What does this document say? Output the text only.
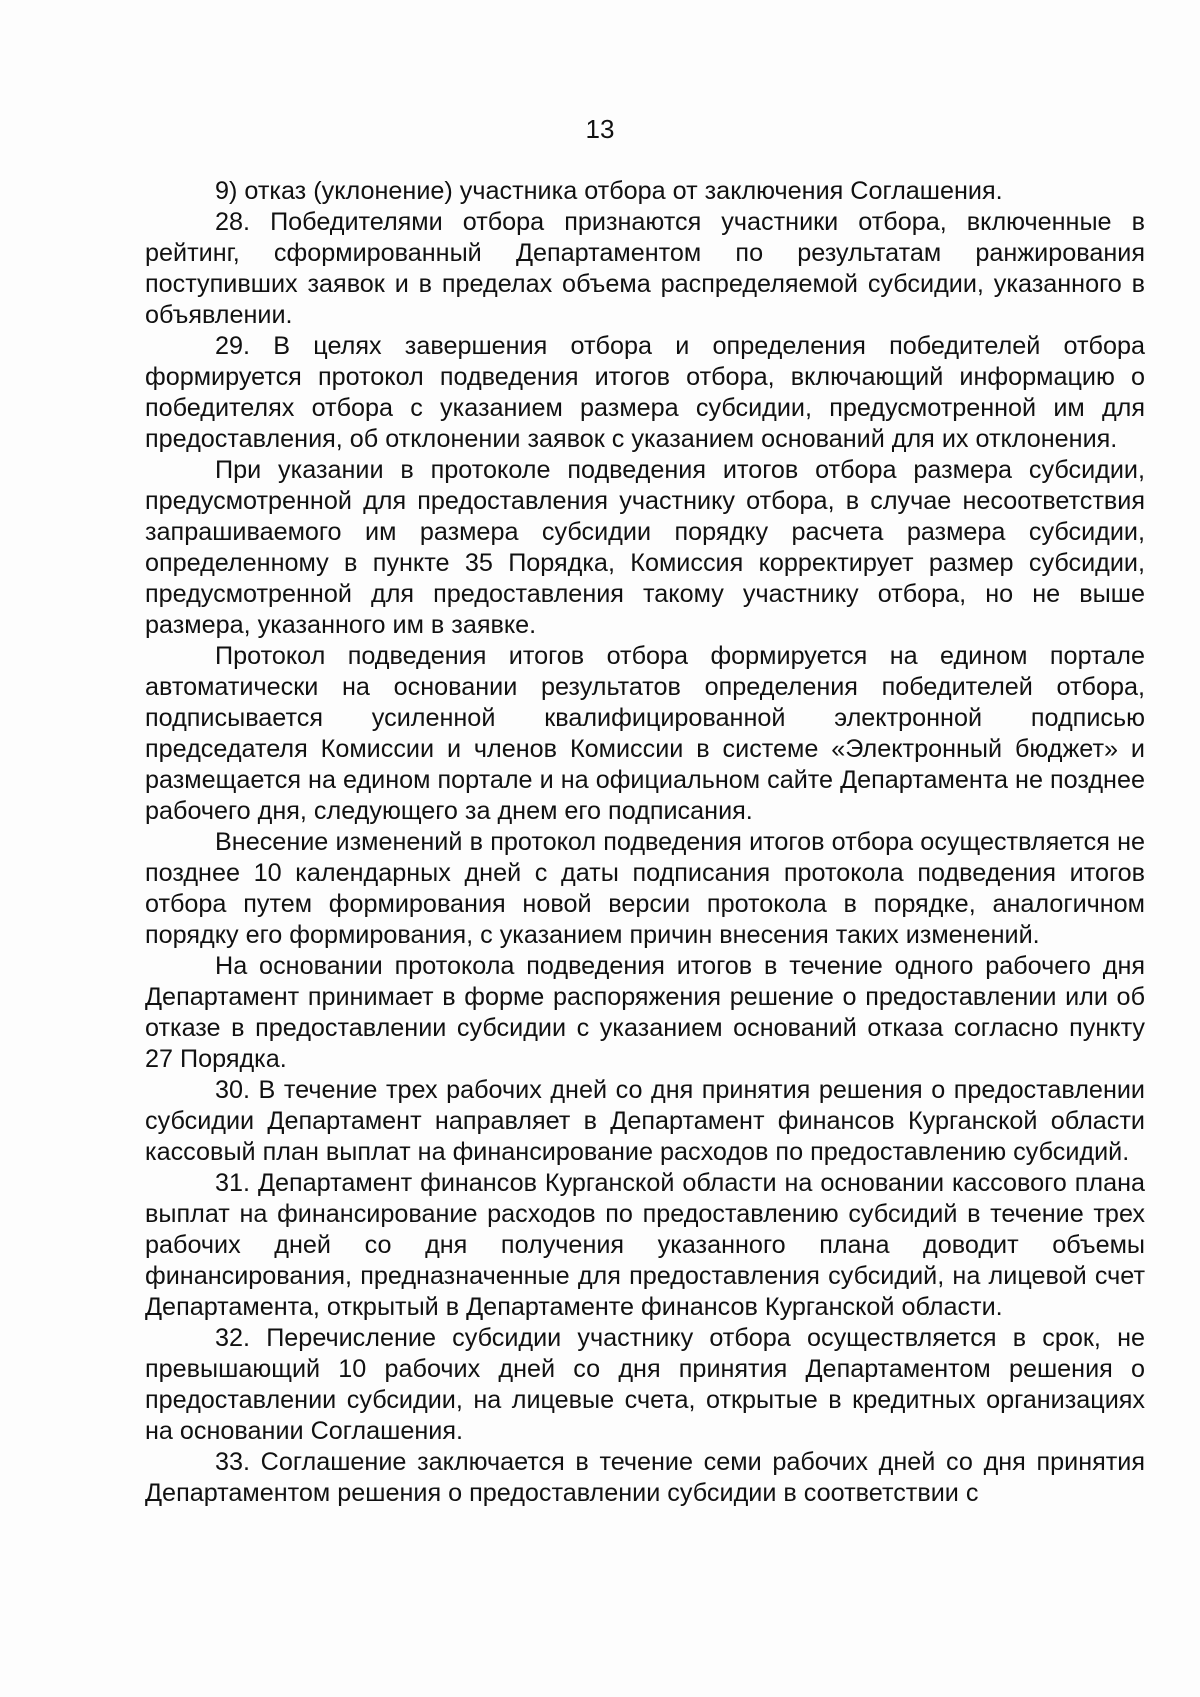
13

9) отказ (уклонение) участника отбора от заключения Соглашения.

28. Победителями отбора признаются участники отбора, включенные в рейтинг, сформированный Департаментом по результатам ранжирования поступивших заявок и в пределах объема распределяемой субсидии, указанного в объявлении.

29. В целях завершения отбора и определения победителей отбора формируется протокол подведения итогов отбора, включающий информацию о победителях отбора с указанием размера субсидии, предусмотренной им для предоставления, об отклонении заявок с указанием оснований для их отклонения.

При указании в протоколе подведения итогов отбора размера субсидии, предусмотренной для предоставления участнику отбора, в случае несоответствия запрашиваемого им размера субсидии порядку расчета размера субсидии, определенному в пункте 35 Порядка, Комиссия корректирует размер субсидии, предусмотренной для предоставления такому участнику отбора, но не выше размера, указанного им в заявке.

Протокол подведения итогов отбора формируется на едином портале автоматически на основании результатов определения победителей отбора, подписывается усиленной квалифицированной электронной подписью председателя Комиссии и членов Комиссии в системе «Электронный бюджет» и размещается на едином портале и на официальном сайте Департамента не позднее рабочего дня, следующего за днем его подписания.

Внесение изменений в протокол подведения итогов отбора осуществляется не позднее 10 календарных дней с даты подписания протокола подведения итогов отбора путем формирования новой версии протокола в порядке, аналогичном порядку его формирования, с указанием причин внесения таких изменений.

На основании протокола подведения итогов в течение одного рабочего дня Департамент принимает в форме распоряжения решение о предоставлении или об отказе в предоставлении субсидии с указанием оснований отказа согласно пункту 27 Порядка.

30. В течение трех рабочих дней со дня принятия решения о предоставлении субсидии Департамент направляет в Департамент финансов Курганской области кассовый план выплат на финансирование расходов по предоставлению субсидий.

31. Департамент финансов Курганской области на основании кассового плана выплат на финансирование расходов по предоставлению субсидий в течение трех рабочих дней со дня получения указанного плана доводит объемы финансирования, предназначенные для предоставления субсидий, на лицевой счет Департамента, открытый в Департаменте финансов Курганской области.

32. Перечисление субсидии участнику отбора осуществляется в срок, не превышающий 10 рабочих дней со дня принятия Департаментом решения о предоставлении субсидии, на лицевые счета, открытые в кредитных организациях на основании Соглашения.

33. Соглашение заключается в течение семи рабочих дней со дня принятия Департаментом решения о предоставлении субсидии в соответствии с
